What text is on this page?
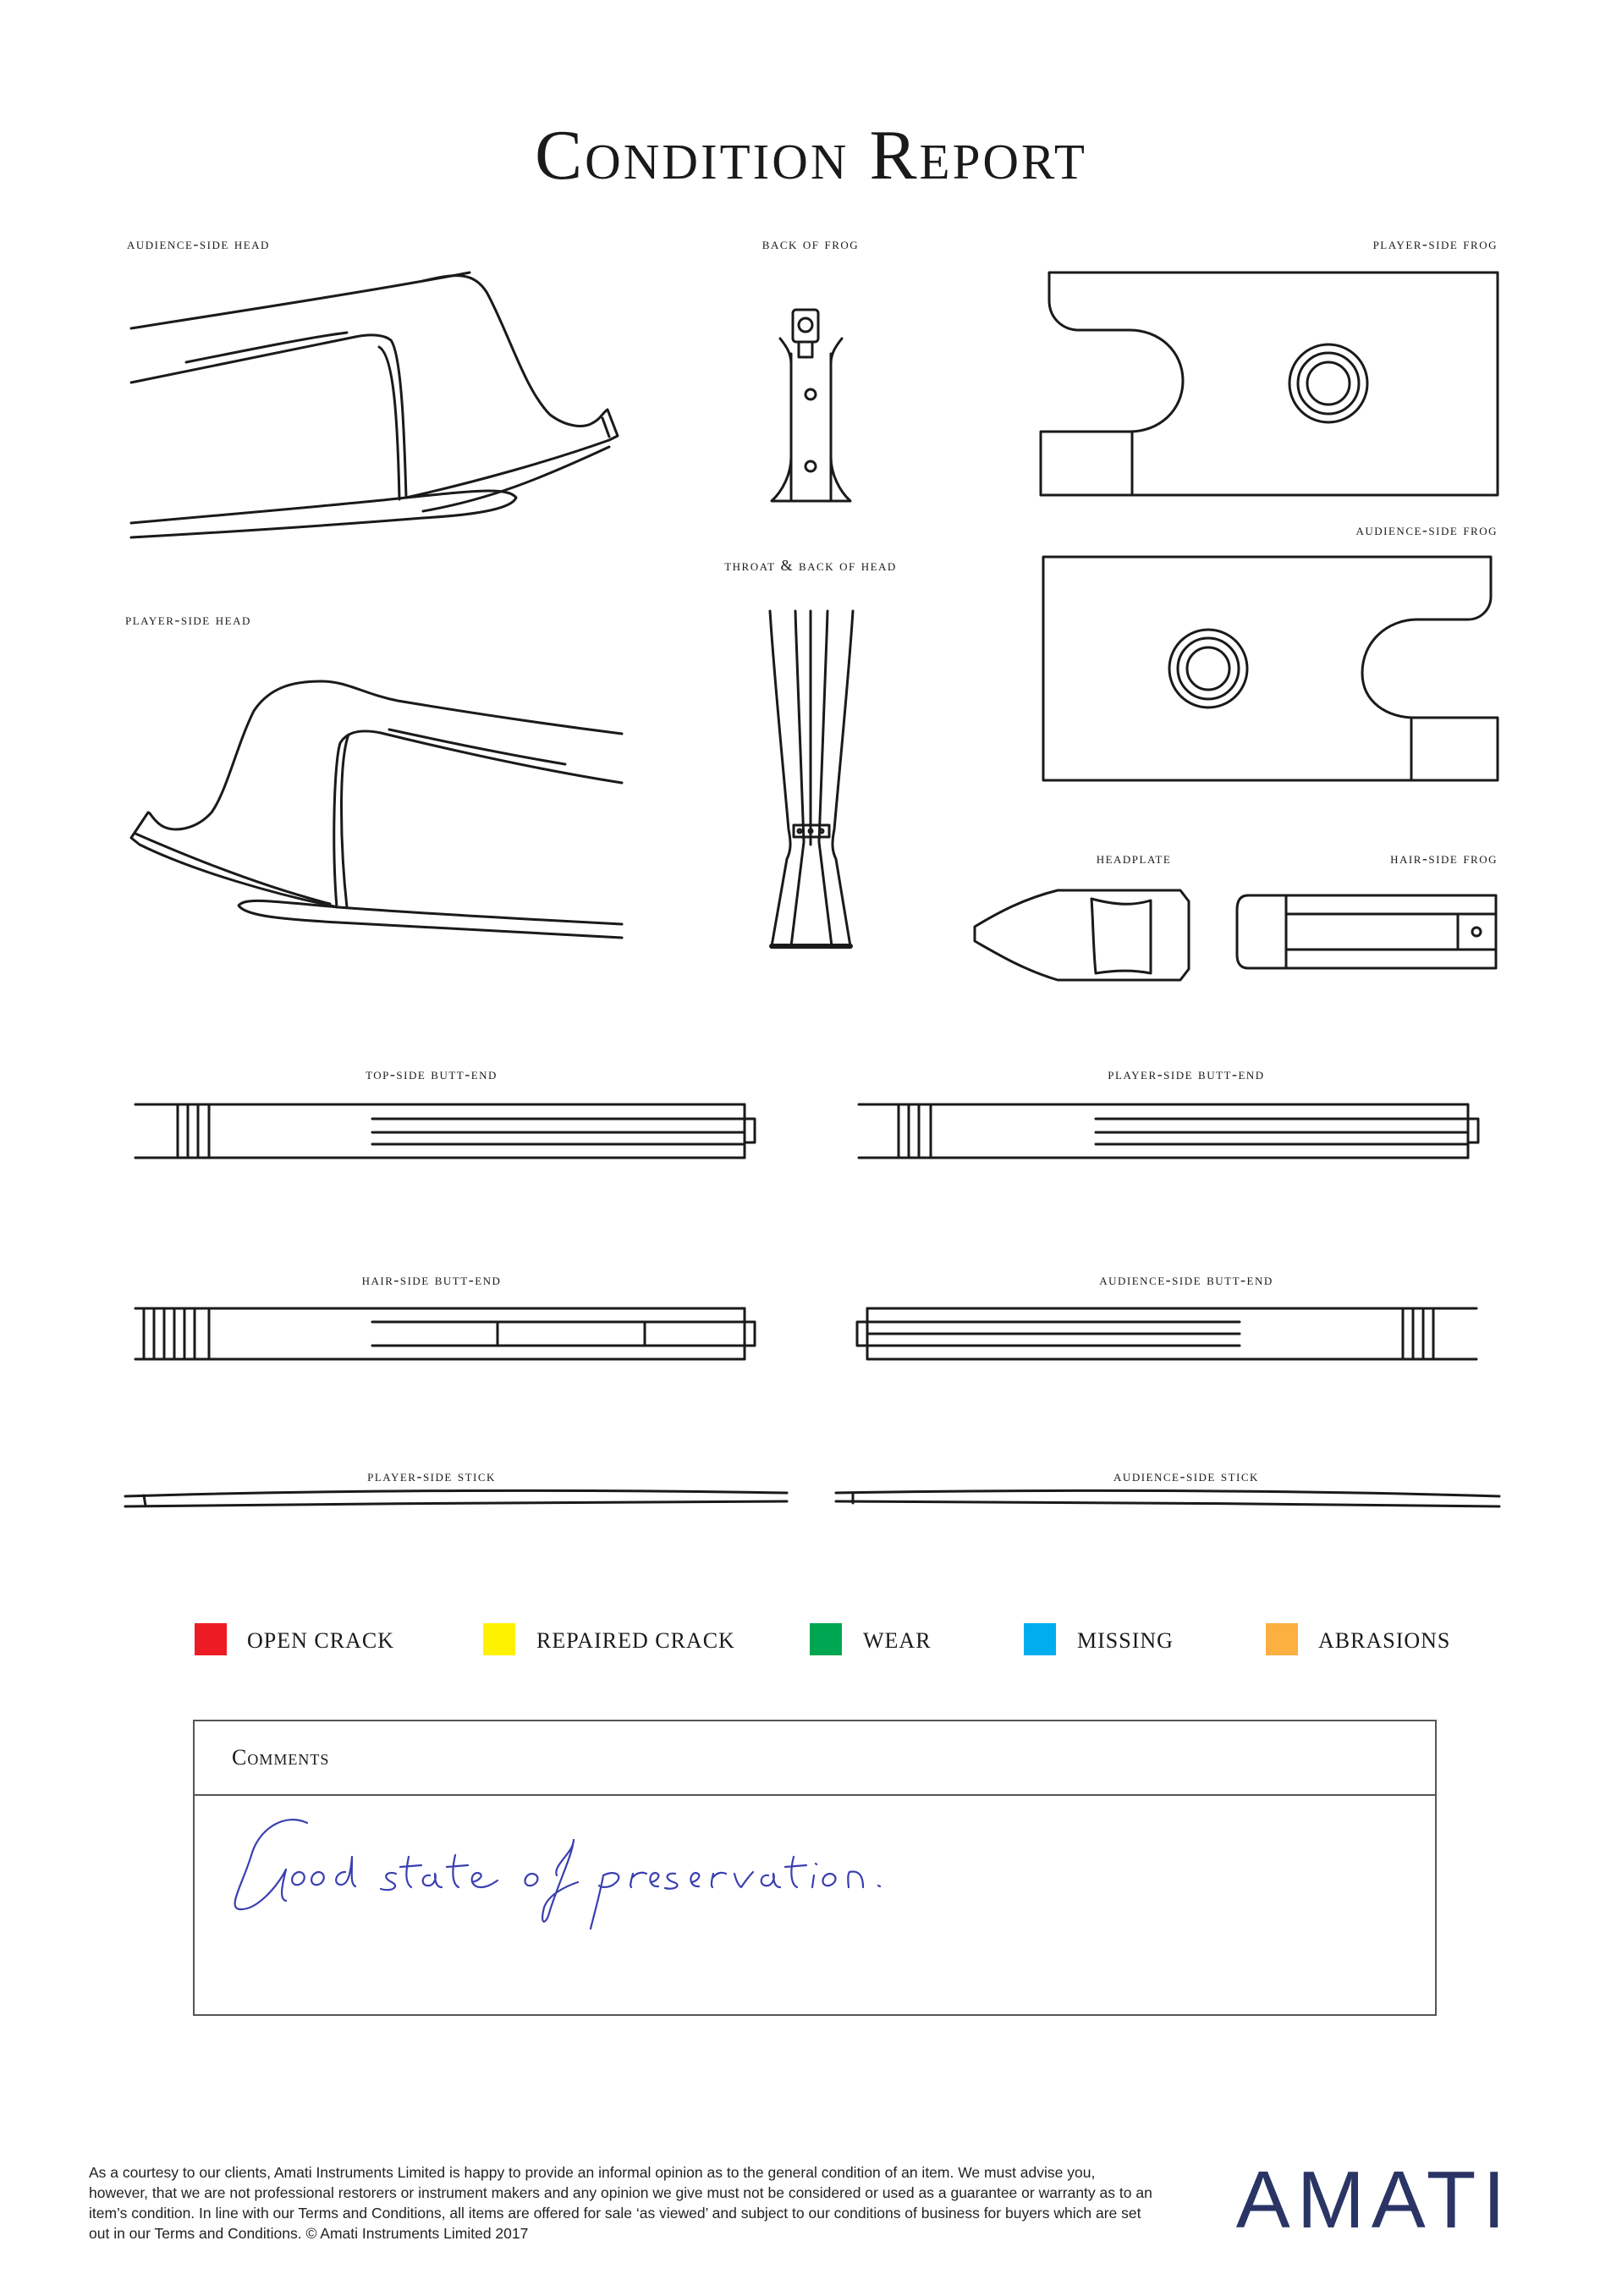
Condition Report
audience-side head	back of frog	player-side frog
throat & back of head
audience-side frog
player-side head
headplate	hair-side frog
top-side butt-end	player-side butt-end
hair-side butt-end	audience-side butt-end
player-side stick	audience-side stick
OPEN CRACK	REPAIRED CRACK	WEAR	MISSING	ABRASIONS
Comments

As a courtesy to our clients, Amati Instruments Limited is happy to provide an informal opinion as to the general condition of an item. We must advise you, however, that we are not professional restorers or instrument makers and any opinion we give must not be considered or used as a guarantee or warranty as to an item’s condition. In line with our Terms and Conditions, all items are offered for sale ‘as viewed’ and subject to our conditions of business for buyers which are set out in our Terms and Conditions. © Amati Instruments Limited 2017	AMATI
